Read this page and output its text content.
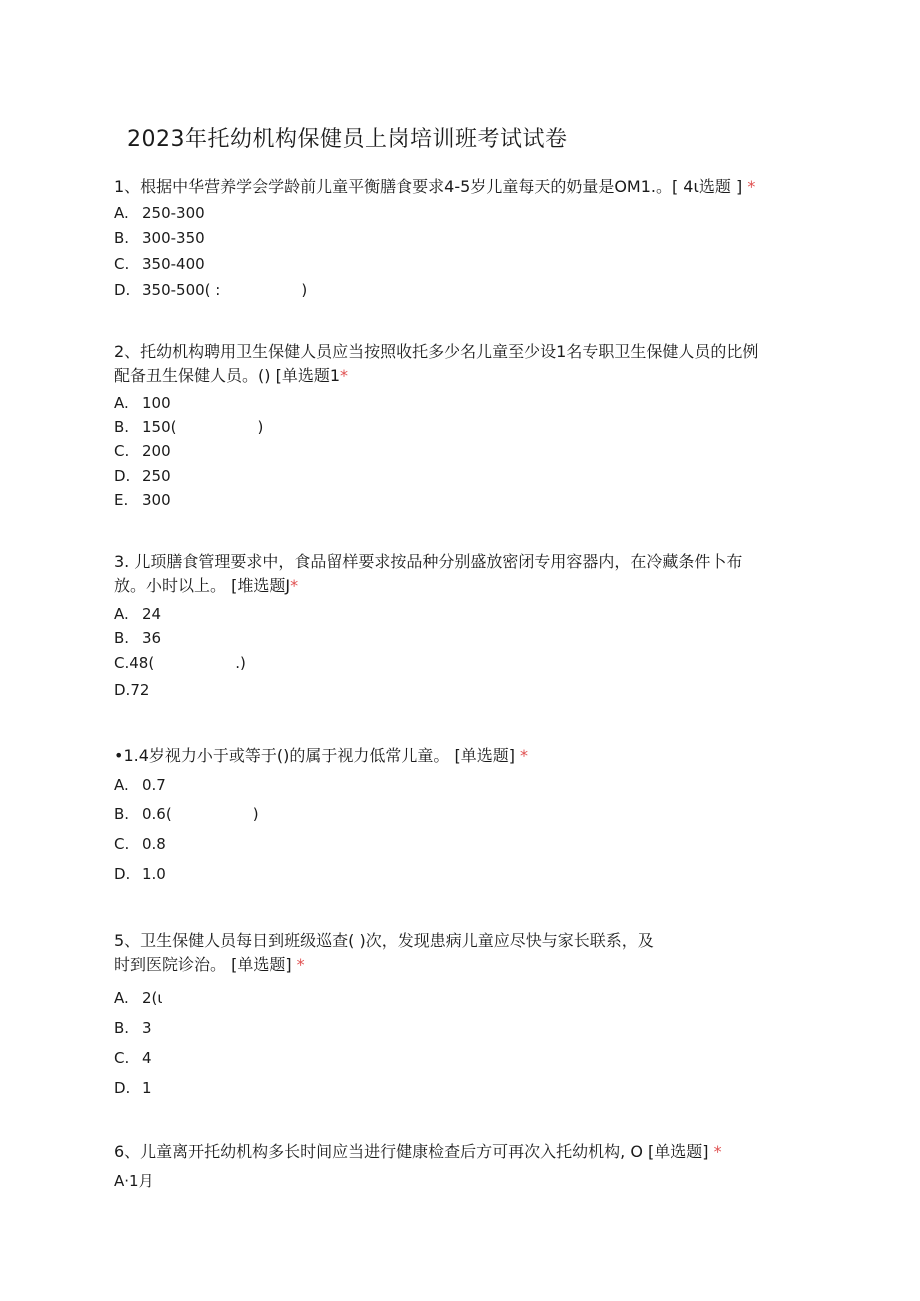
2023年托幼机构保健员上岗培训班考试试卷
1、根据中华营养学会学龄前儿童平衡膳食要求4-5岁儿童每天的奶量是OM1.。[ 4ι选题 ] *
A. 250-300
B. 300-350
C. 350-400
D. 350-500( :                 )
2、托幼机构聘用卫生保健人员应当按照收托多少名儿童至少设1名专职卫生保健人员的比例
配备丑生保健人员。() [单选题1*
A. 100
B. 150(                 )
C. 200
D. 250
E. 300
3. 儿顼膳食管理要求中，食品留样要求按品种分别盛放密闭专用容器内，在冷藏条件卜布
放。小时以上。 [堆选题J*
A. 24
B. 36
C.48(                 .)
D.72
•1.4岁视力小于或等于()的属于视力低常儿童。 [单选题] *
A. 0.7
B. 0.6(                 )
C. 0.8
D. 1.0
5、卫生保健人员每日到班级巡查( )次，发现患病儿童应尽快与家长联系，及
时到医院诊治。 [单选题] *
A. 2(ι
B. 3
C. 4
D. 1
6、儿童离开托幼机构多长时间应当进行健康检查后方可再次入托幼机构, O [单选题] *
A·1月
